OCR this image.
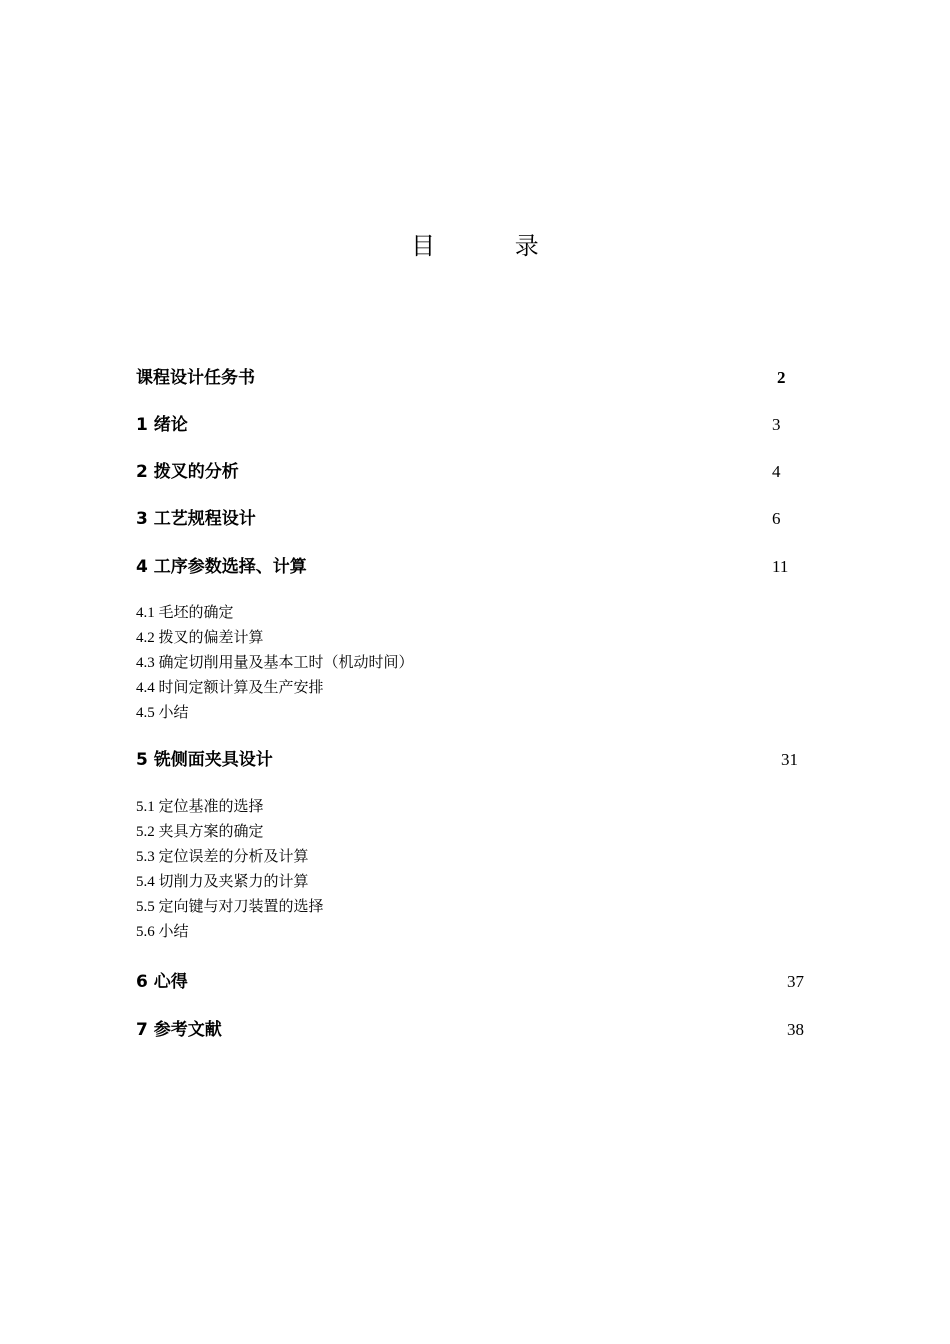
目 录
课程设计任务书	2
1 绪论	3
2 拨叉的分析	4
3 工艺规程设计	6
4 工序参数选择、计算	11
4.1 毛坯的确定
4.2 拨叉的偏差计算
4.3 确定切削用量及基本工时（机动时间）
4.4 时间定额计算及生产安排
4.5 小结
5 铣侧面夹具设计	31
5.1 定位基准的选择
5.2 夹具方案的确定
5.3 定位误差的分析及计算
5.4 切削力及夹紧力的计算
5.5 定向键与对刀装置的选择
5.6 小结
6 心得	37
7 参考文献	38
